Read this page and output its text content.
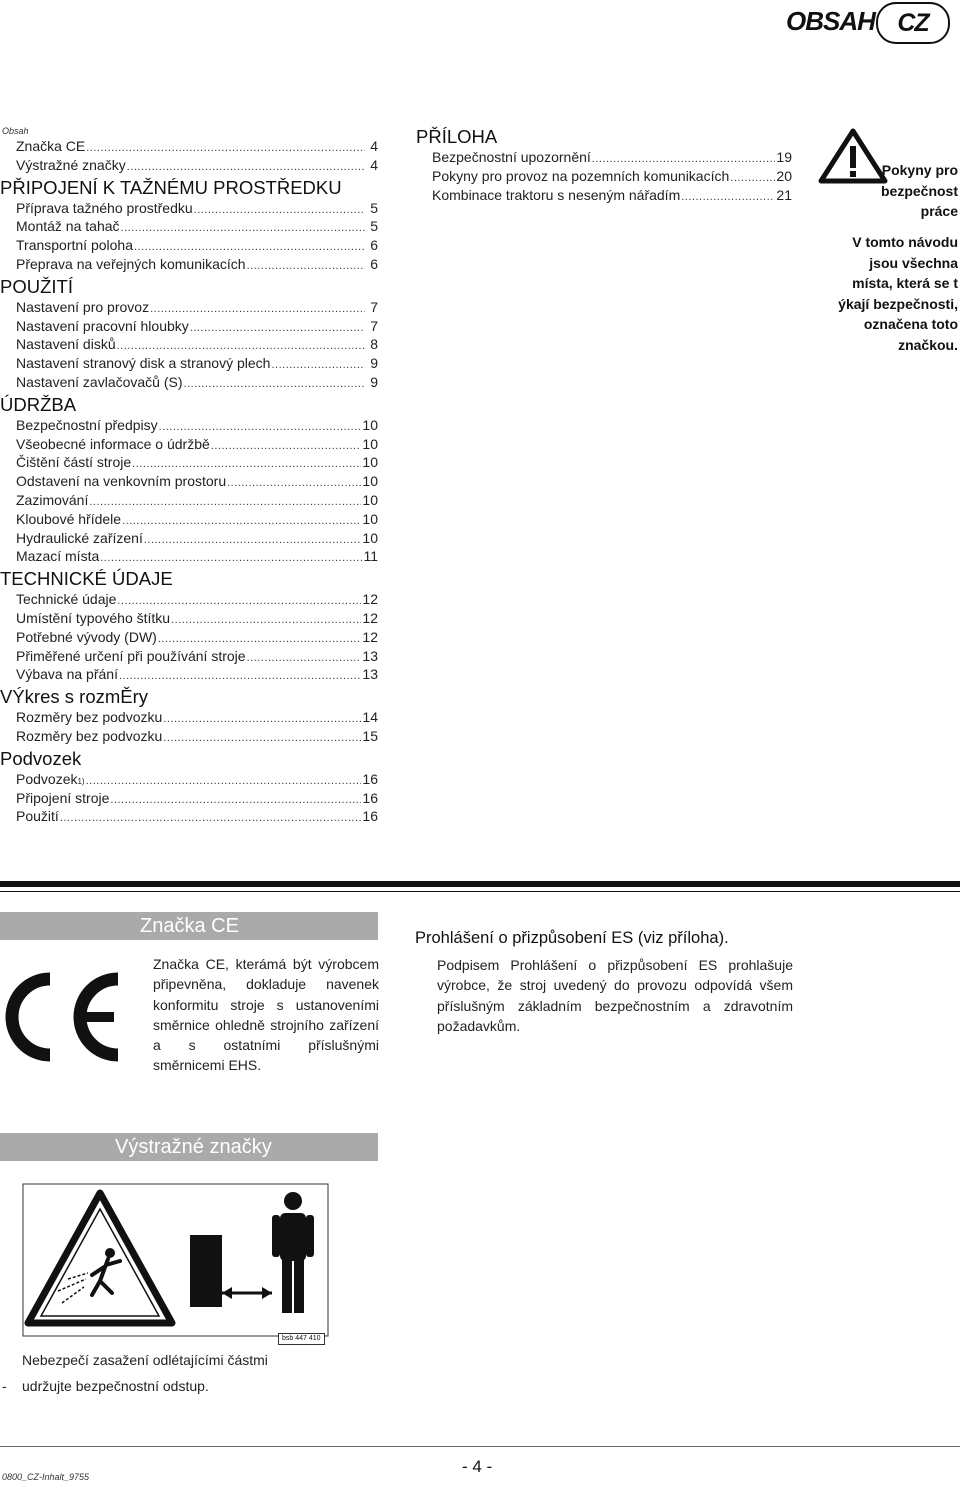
OBSAH CZ
Obsah
Značka CE .....	4
Výstražné značky .....	4
PŘIPOJENÍ K TAŽNÉMU PROSTŘEDKU
Příprava tažného prostředku .....	5
Montáž na tahač .....	5
Transportní poloha .....	6
Přeprava na veřejných komunikacích .....	6
POUŽITÍ
Nastavení pro provoz .....	7
Nastavení pracovní hloubky .....	7
Nastavení disků .....	8
Nastavení stranový disk a stranový plech .....	9
Nastavení zavlačovačů (S) .....	9
ÚDRŽBA
Bezpečnostní předpisy .....	10
Všeobecné informace o údržbě .....	10
Čištění částí stroje .....	10
Odstavení na venkovním prostoru .....	10
Zazimování .....	10
Kloubové hřídele .....	10
Hydraulické zařízení .....	10
Mazací místa .....	11
TECHNICKÉ ÚDAJE
Technické údaje .....	12
Umístění typového štítku .....	12
Potřebné vývody (DW) .....	12
Přiměřené určení při používání stroje .....	13
Výbava na přání .....	13
VÝkres s rozmĚry
Rozměry bez podvozku .....	14
Rozměry bez podvozku .....	15
Podvozek
Podvozek$_{1)}$ .....	16
Připojení stroje .....	16
Použití .....	16
PŘÍLOHA
Bezpečnostní upozornění .....	19
Pokyny pro provoz na pozemních komunikacích .....	20
Kombinace traktoru s neseným nářadím .....	21
Pokyny pro
bezpečnost
práce
V tomto návodu
jsou všechna
místa, která se t
ýkají bezpečnosti,
označena toto
značkou.
Značka CE
Značka CE, kterámá být výrobcem připevněna, dokladuje navenek konformitu stroje s ustanoveními směrnice ohledně strojního zařízení a s ostatními příslušnými směrnicemi EHS.
Prohlášení o přizpůsobení ES (viz příloha).
Podpisem Prohlášení o přizpůsobení ES prohlašuje výrobce, že stroj uvedený do provozu odpovídá všem příslušným základním bezpečnostním a zdravotním požadavkům.
Výstražné značky
bsb 447 410
Nebezpečí zasažení odlétajícími částmi
- udržujte bezpečnostní odstup.
- 4 -
0800_CZ-Inhalt_9755
